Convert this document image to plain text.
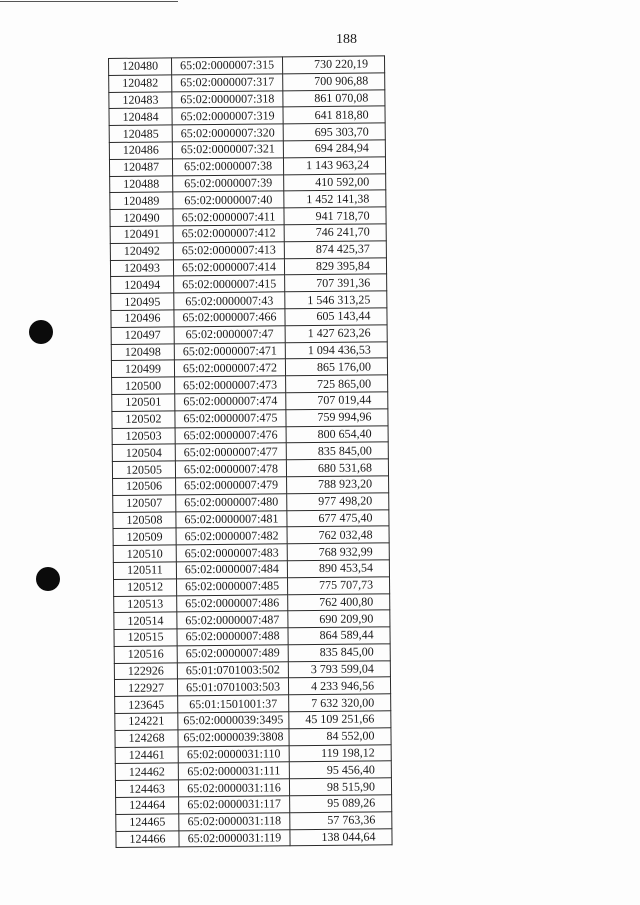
188
120480	65:02:0000007:315	730 220,19
120482	65:02:0000007:317	700 906,88
120483	65:02:0000007:318	861 070,08
120484	65:02:0000007:319	641 818,80
120485	65:02:0000007:320	695 303,70
120486	65:02:0000007:321	694 284,94
120487	65:02:0000007:38	1 143 963,24
120488	65:02:0000007:39	410 592,00
120489	65:02:0000007:40	1 452 141,38
120490	65:02:0000007:411	941 718,70
120491	65:02:0000007:412	746 241,70
120492	65:02:0000007:413	874 425,37
120493	65:02:0000007:414	829 395,84
120494	65:02:0000007:415	707 391,36
120495	65:02:0000007:43	1 546 313,25
120496	65:02:0000007:466	605 143,44
120497	65:02:0000007:47	1 427 623,26
120498	65:02:0000007:471	1 094 436,53
120499	65:02:0000007:472	865 176,00
120500	65:02:0000007:473	725 865,00
120501	65:02:0000007:474	707 019,44
120502	65:02:0000007:475	759 994,96
120503	65:02:0000007:476	800 654,40
120504	65:02:0000007:477	835 845,00
120505	65:02:0000007:478	680 531,68
120506	65:02:0000007:479	788 923,20
120507	65:02:0000007:480	977 498,20
120508	65:02:0000007:481	677 475,40
120509	65:02:0000007:482	762 032,48
120510	65:02:0000007:483	768 932,99
120511	65:02:0000007:484	890 453,54
120512	65:02:0000007:485	775 707,73
120513	65:02:0000007:486	762 400,80
120514	65:02:0000007:487	690 209,90
120515	65:02:0000007:488	864 589,44
120516	65:02:0000007:489	835 845,00
122926	65:01:0701003:502	3 793 599,04
122927	65:01:0701003:503	4 233 946,56
123645	65:01:1501001:37	7 632 320,00
124221	65:02:0000039:3495	45 109 251,66
124268	65:02:0000039:3808	84 552,00
124461	65:02:0000031:110	119 198,12
124462	65:02:0000031:111	95 456,40
124463	65:02:0000031:116	98 515,90
124464	65:02:0000031:117	95 089,26
124465	65:02:0000031:118	57 763,36
124466	65:02:0000031:119	138 044,64
